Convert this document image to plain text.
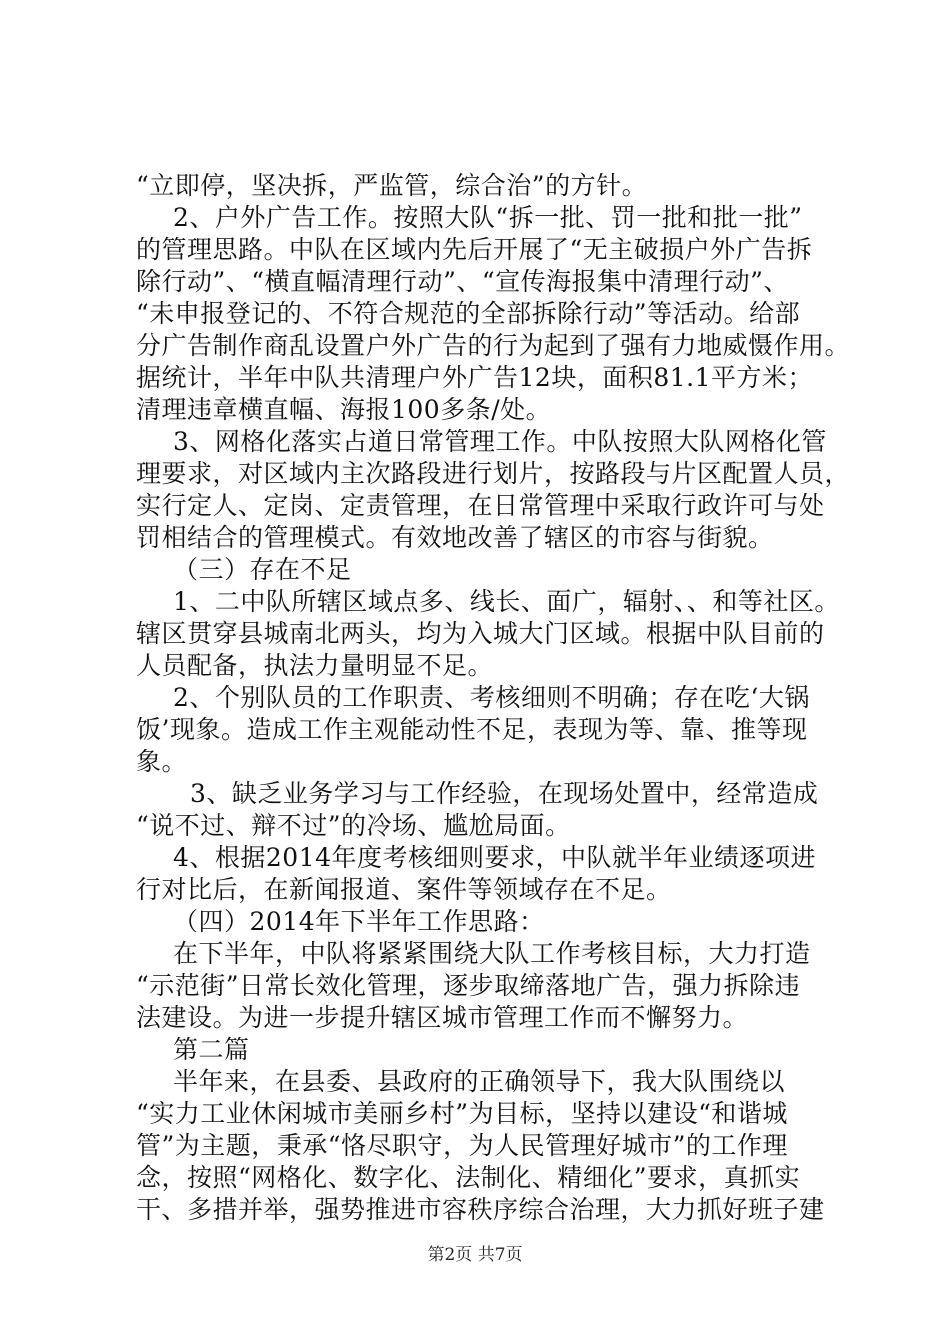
“立即停，坚决拆，严监管，综合治”的方针。
2、户外广告工作。按照大队“拆一批、罚一批和批一批”
的管理思路。中队在区域内先后开展了“无主破损户外广告拆
除行动”、“横直幅清理行动”、“宣传海报集中清理行动”、
“未申报登记的、不符合规范的全部拆除行动”等活动。给部
分广告制作商乱设置户外广告的行为起到了强有力地威慑作用。
据统计，半年中队共清理户外广告12块，面积81.1平方米；
清理违章横直幅、海报100多条/处。
3、网格化落实占道日常管理工作。中队按照大队网格化管
理要求，对区域内主次路段进行划片，按路段与片区配置人员，
实行定人、定岗、定责管理，在日常管理中采取行政许可与处
罚相结合的管理模式。有效地改善了辖区的市容与街貌。
（三）存在不足
1、二中队所辖区域点多、线长、面广，辐射、、和等社区。
辖区贯穿县城南北两头，均为入城大门区域。根据中队目前的
人员配备，执法力量明显不足。
2、个别队员的工作职责、考核细则不明确；存在吃‘大锅
饭’现象。造成工作主观能动性不足，表现为等、靠、推等现
象。
3、缺乏业务学习与工作经验，在现场处置中，经常造成
“说不过、辩不过”的冷场、尴尬局面。
4、根据2014年度考核细则要求，中队就半年业绩逐项进
行对比后，在新闻报道、案件等领域存在不足。
（四）2014年下半年工作思路：
在下半年，中队将紧紧围绕大队工作考核目标，大力打造
“示范街”日常长效化管理，逐步取缔落地广告，强力拆除违
法建设。为进一步提升辖区城市管理工作而不懈努力。
第二篇
半年来，在县委、县政府的正确领导下，我大队围绕以
“实力工业休闲城市美丽乡村”为目标，坚持以建设“和谐城
管”为主题，秉承“恪尽职守，为人民管理好城市”的工作理
念，按照“网格化、数字化、法制化、精细化”要求，真抓实
干、多措并举，强势推进市容秩序综合治理，大力抓好班子建
第2页 共7页
